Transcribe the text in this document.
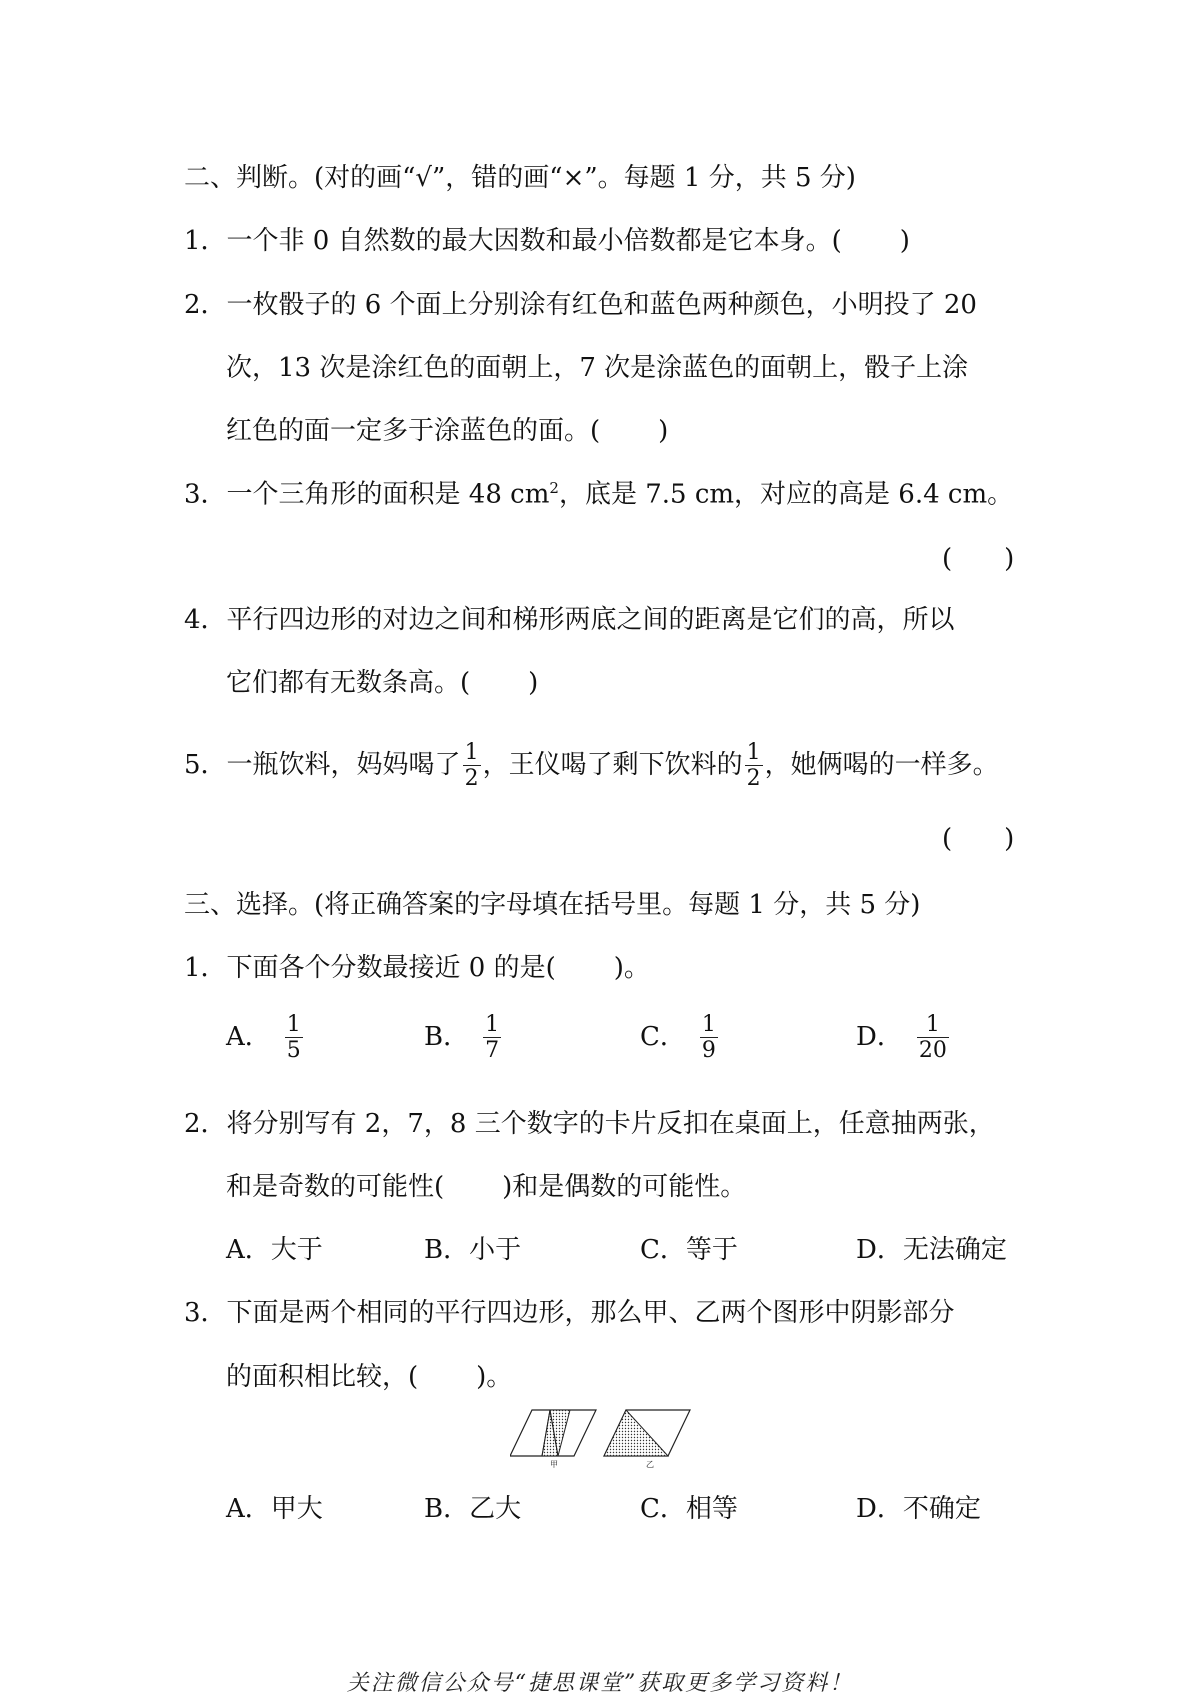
二、判断。(对的画“√”，错的画“×”。每题 1 分，共 5 分)
1．一个非 0 自然数的最大因数和最小倍数都是它本身。( )
2．一枚骰子的 6 个面上分别涂有红色和蓝色两种颜色，小明投了 20
次，13 次是涂红色的面朝上，7 次是涂蓝色的面朝上，骰子上涂
红色的面一定多于涂蓝色的面。( )
3．一个三角形的面积是 48 $cm^2$，底是 7.5 cm，对应的高是 6.4 cm。
(　　)
4．平行四边形的对边之间和梯形两底之间的距离是它们的高，所以
它们都有无数条高。( )
5．一瓶饮料，妈妈喝了 $\frac{1}{2}$ ，王仪喝了剩下饮料的 $\frac{1}{2}$ ，她俩喝的一样多。
(　　)
三、选择。(将正确答案的字母填在括号里。每题 1 分，共 5 分)
1．下面各个分数最接近 0 的是( )。
A． $\frac{1}{5}$	B． $\frac{1}{7}$	C． $\frac{1}{9}$	D． $\frac{1}{20}$
2．将分别写有 2，7，8 三个数字的卡片反扣在桌面上，任意抽两张，
和是奇数的可能性( )和是偶数的可能性。
A．大于	B．小于	C．等于	D．无法确定
3．下面是两个相同的平行四边形，那么甲、乙两个图形中阴影部分
的面积相比较，( )。
甲	乙
A．甲大	B．乙大	C．相等	D．不确定
关注微信公众号“捷思课堂”获取更多学习资料！
